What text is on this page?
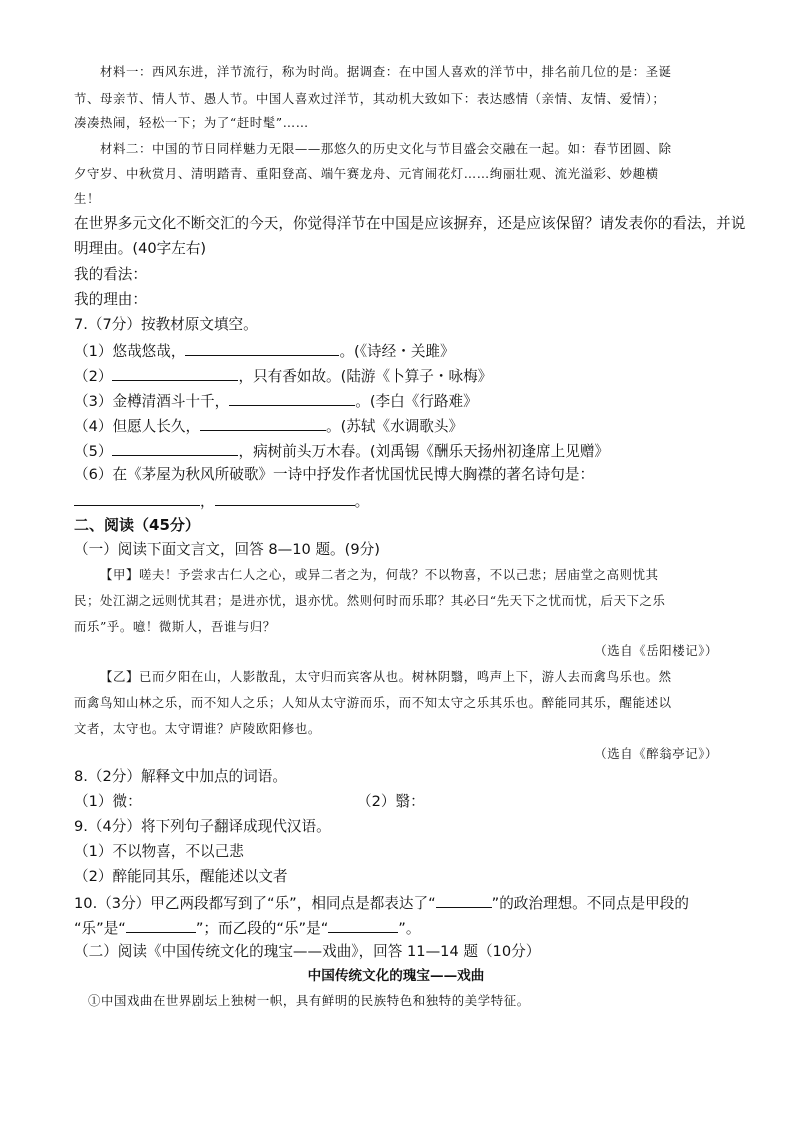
材料一：西风东进，洋节流行，称为时尚。据调查：在中国人喜欢的洋节中，排名前几位的是：圣诞
节、母亲节、情人节、愚人节。中国人喜欢过洋节，其动机大致如下：表达感情（亲情、友情、爱情）；
凑凑热闹，轻松一下；为了“赶时髦”……
材料二：中国的节日同样魅力无限——那悠久的历史文化与节目盛会交融在一起。如：春节团圆、除
夕守岁、中秋赏月、清明踏青、重阳登高、端午赛龙舟、元宵闹花灯……绚丽壮观、流光溢彩、妙趣横
生！
在世界多元文化不断交汇的今天，你觉得洋节在中国是应该摒弃，还是应该保留？请发表你的看法，并说
明理由。(40字左右)
我的看法：
我的理由：
7.（7分）按教材原文填空。
（1）悠哉悠哉，	。(《诗经・关雎》
（2）	，只有香如故。(陆游《卜算子・咏梅》
（3）金樽清酒斗十千，	。(李白《行路难》
（4）但愿人长久，	。(苏轼《水调歌头》
（5）	，病树前头万木春。(刘禹锡《酬乐天扬州初逢席上见赠》
（6）在《茅屋为秋风所破歌》一诗中抒发作者忧国忧民博大胸襟的著名诗句是：
，	。
二、阅读（45分）
（一）阅读下面文言文，回答 8—10 题。(9分)
【甲】嗟夫！予尝求古仁人之心，或异二者之为，何哉？不以物喜，不以己悲；居庙堂之高则忧其
民；处江湖之远则忧其君；是进亦忧，退亦忧。然则何时而乐耶？其必曰“先天下之忧而忧，后天下之乐
而乐”乎。噫！微斯人，吾谁与归？
（选自《岳阳楼记》）
【乙】已而夕阳在山，人影散乱，太守归而宾客从也。树林阴翳，鸣声上下，游人去而禽鸟乐也。然
而禽鸟知山林之乐，而不知人之乐；人知从太守游而乐，而不知太守之乐其乐也。醉能同其乐，醒能述以
文者，太守也。太守谓谁？庐陵欧阳修也。
（选自《醉翁亭记》）
8.（2分）解释文中加点的词语。
（1）微：	（2）翳：
9.（4分）将下列句子翻译成现代汉语。
（1）不以物喜，不以己悲
（2）醉能同其乐，醒能述以文者
10.（3分）甲乙两段都写到了“乐”，相同点是都表达了“	”的政治理想。不同点是甲段的
“乐”是“	”；而乙段的“乐”是“	”。
（二）阅读《中国传统文化的瑰宝——戏曲》，回答 11—14 题（10分）
中国传统文化的瑰宝——戏曲
①中国戏曲在世界剧坛上独树一帜，具有鲜明的民族特色和独特的美学特征。
